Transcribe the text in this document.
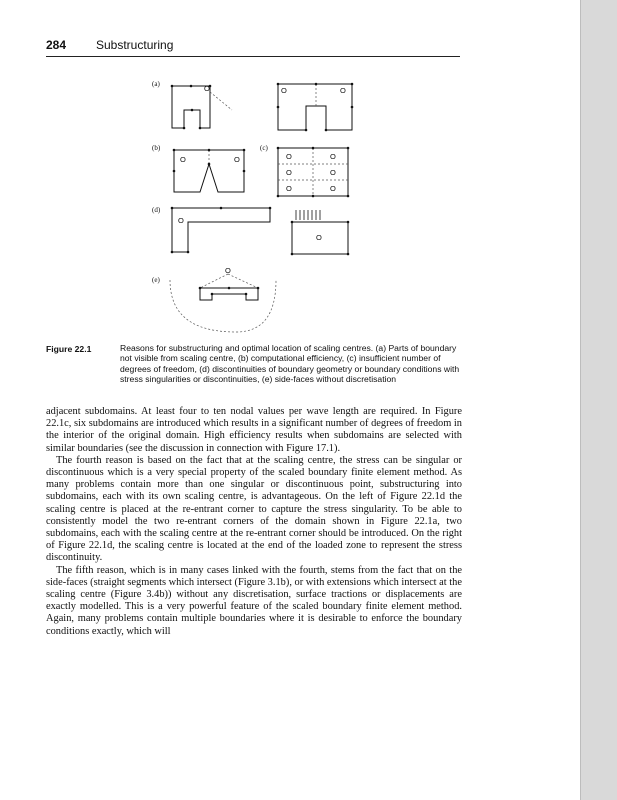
284 Substructuring
(a)
(b)	(c)
(d)
(e)
O	O	O
O	O	O	O
O	O
O	O
O
O
O
Figure 22.1	Reasons for substructuring and optimal location of scaling centres. (a) Parts of boundary not visible from scaling centre, (b) computational efficiency, (c) insufficient number of degrees of freedom, (d) discontinuities of boundary geometry or boundary conditions with stress singularities or discontinuities, (e) side-faces without discretisation

adjacent subdomains. At least four to ten nodal values per wave length are required. In Figure 22.1c, six subdomains are introduced which results in a significant number of degrees of freedom in the interior of the original domain. High efficiency results when subdomains are selected with similar boundaries (see the discussion in connection with Figure 17.1).

The fourth reason is based on the fact that at the scaling centre, the stress can be singular or discontinuous which is a very special property of the scaled boundary finite element method. As many problems contain more than one singular or discontinuous point, substructuring into subdomains, each with its own scaling centre, is advantageous. On the left of Figure 22.1d the scaling centre is placed at the re-entrant corner to capture the stress singularity. To be able to consistently model the two re-entrant corners of the domain shown in Figure 22.1a, two subdomains, each with the scaling centre at the re-entrant corner should be introduced. On the right of Figure 22.1d, the scaling centre is located at the end of the loaded zone to represent the stress discontinuity.

The fifth reason, which is in many cases linked with the fourth, stems from the fact that on the side-faces (straight segments which intersect (Figure 3.1b), or with extensions which intersect at the scaling centre (Figure 3.4b)) without any discretisation, surface tractions or displacements are exactly modelled. This is a very powerful feature of the scaled boundary finite element method. Again, many problems contain multiple boundaries where it is desirable to enforce the boundary conditions exactly, which will
